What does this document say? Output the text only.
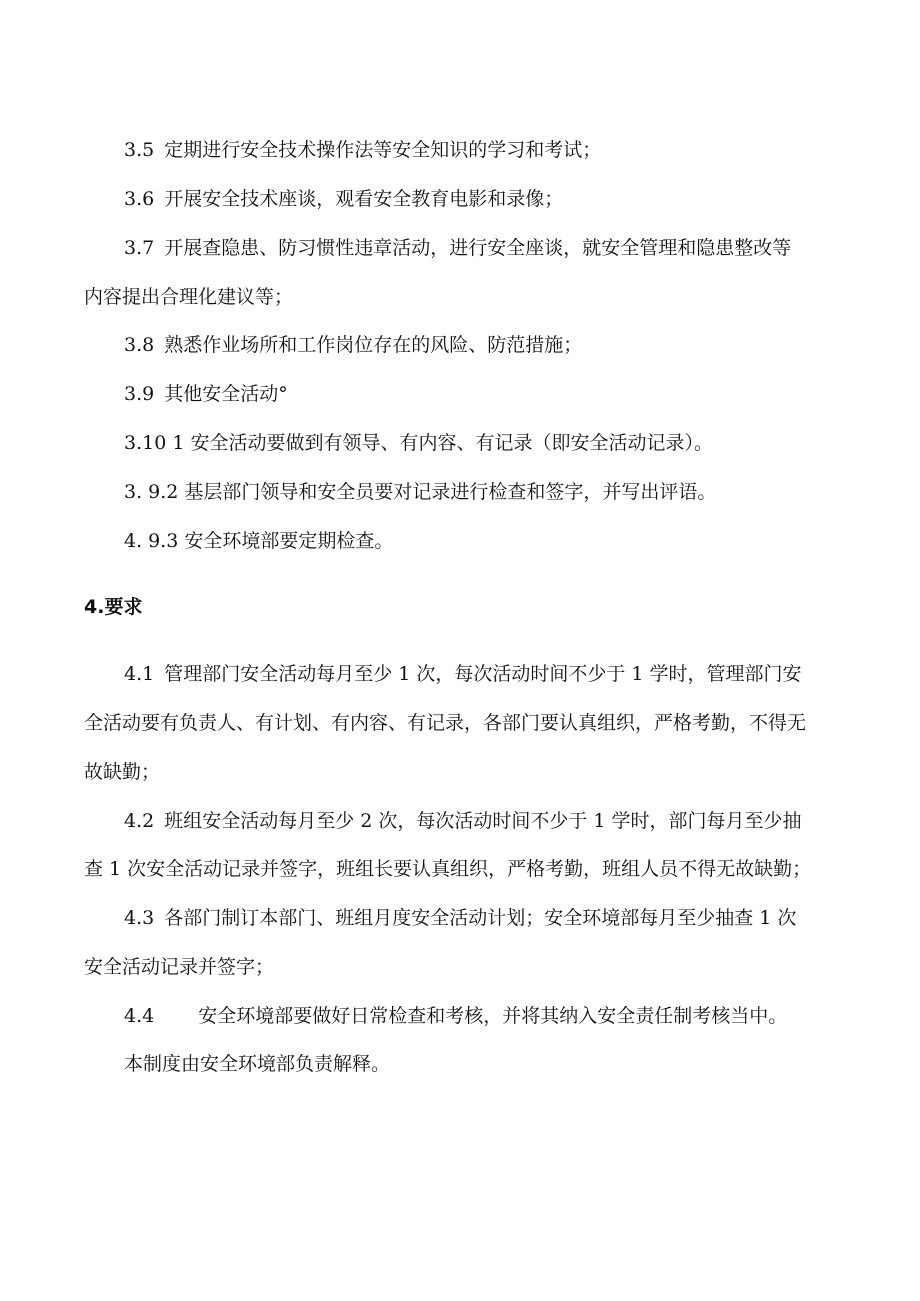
3.5 定期进行安全技术操作法等安全知识的学习和考试；
3.6 开展安全技术座谈，观看安全教育电影和录像；
3.7 开展查隐患、防习惯性违章活动，进行安全座谈，就安全管理和隐患整改等
内容提出合理化建议等；
3.8 熟悉作业场所和工作岗位存在的风险、防范措施；
3.9 其他安全活动°
3.10 1 安全活动要做到有领导、有内容、有记录（即安全活动记录）。
3. 9.2 基层部门领导和安全员要对记录进行检查和签字，并写出评语。
4. 9.3 安全环境部要定期检查。
4.要求
4.1 管理部门安全活动每月至少 1 次，每次活动时间不少于 1 学时，管理部门安
全活动要有负责人、有计划、有内容、有记录，各部门要认真组织，严格考勤，不得无
故缺勤；
4.2 班组安全活动每月至少 2 次，每次活动时间不少于 1 学时，部门每月至少抽
查 1 次安全活动记录并签字，班组长要认真组织，严格考勤，班组人员不得无故缺勤；
4.3 各部门制订本部门、班组月度安全活动计划；安全环境部每月至少抽查 1 次
安全活动记录并签字；
4.4 安全环境部要做好日常检查和考核，并将其纳入安全责任制考核当中。
本制度由安全环境部负责解释。
